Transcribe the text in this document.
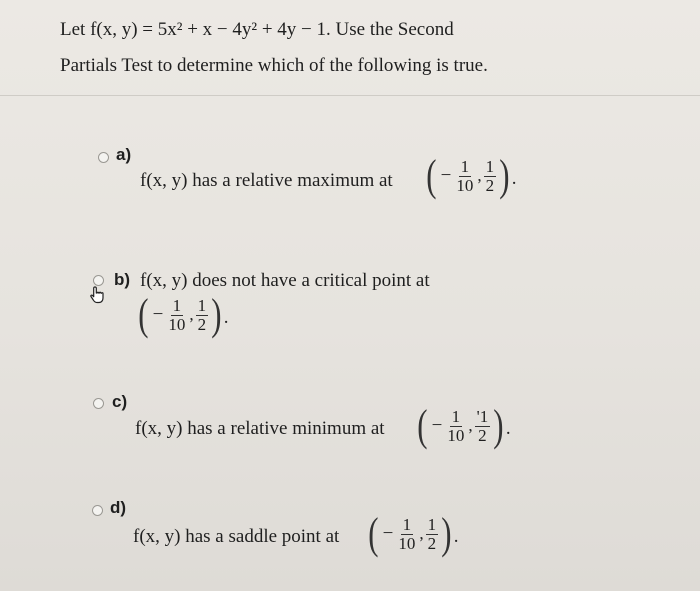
Let f(x, y) = 5x² + x − 4y² + 4y − 1. Use the Second
Partials Test to determine which of the following is true.
a)
f(x, y) has a relative maximum at ( − $\frac{1}{10}$ , $\frac{1}{2}$ ) .
b) f(x, y) does not have a critical point at
( − $\frac{1}{10}$ , $\frac{1}{2}$ ) .
c)
f(x, y) has a relative minimum at ( − $\frac{1}{10}$ , $\frac{'1}{2}$ ) .
d)
f(x, y) has a saddle point at ( − $\frac{1}{10}$ , $\frac{1}{2}$ ) .
